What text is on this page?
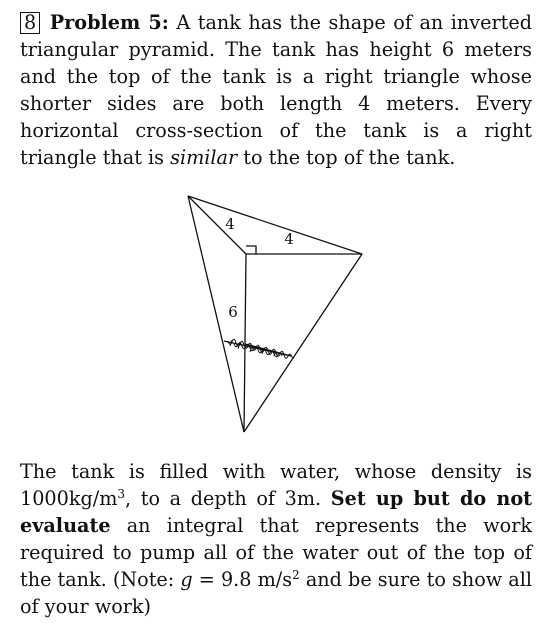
8 Problem 5: A tank has the shape of an inverted triangular pyramid. The tank has height 6 meters and the top of the tank is a right triangle whose shorter sides are both length 4 meters. Every horizontal cross-section of the tank is a right triangle that is similar to the top of the tank.

4
4
6

The tank is filled with water, whose density is $1000kg/m^3$, to a depth of 3m. Set up but do not evaluate an integral that represents the work required to pump all of the water out of the top of the tank. (Note: g = 9.8 $m/s^2$ and be sure to show all of your work)
